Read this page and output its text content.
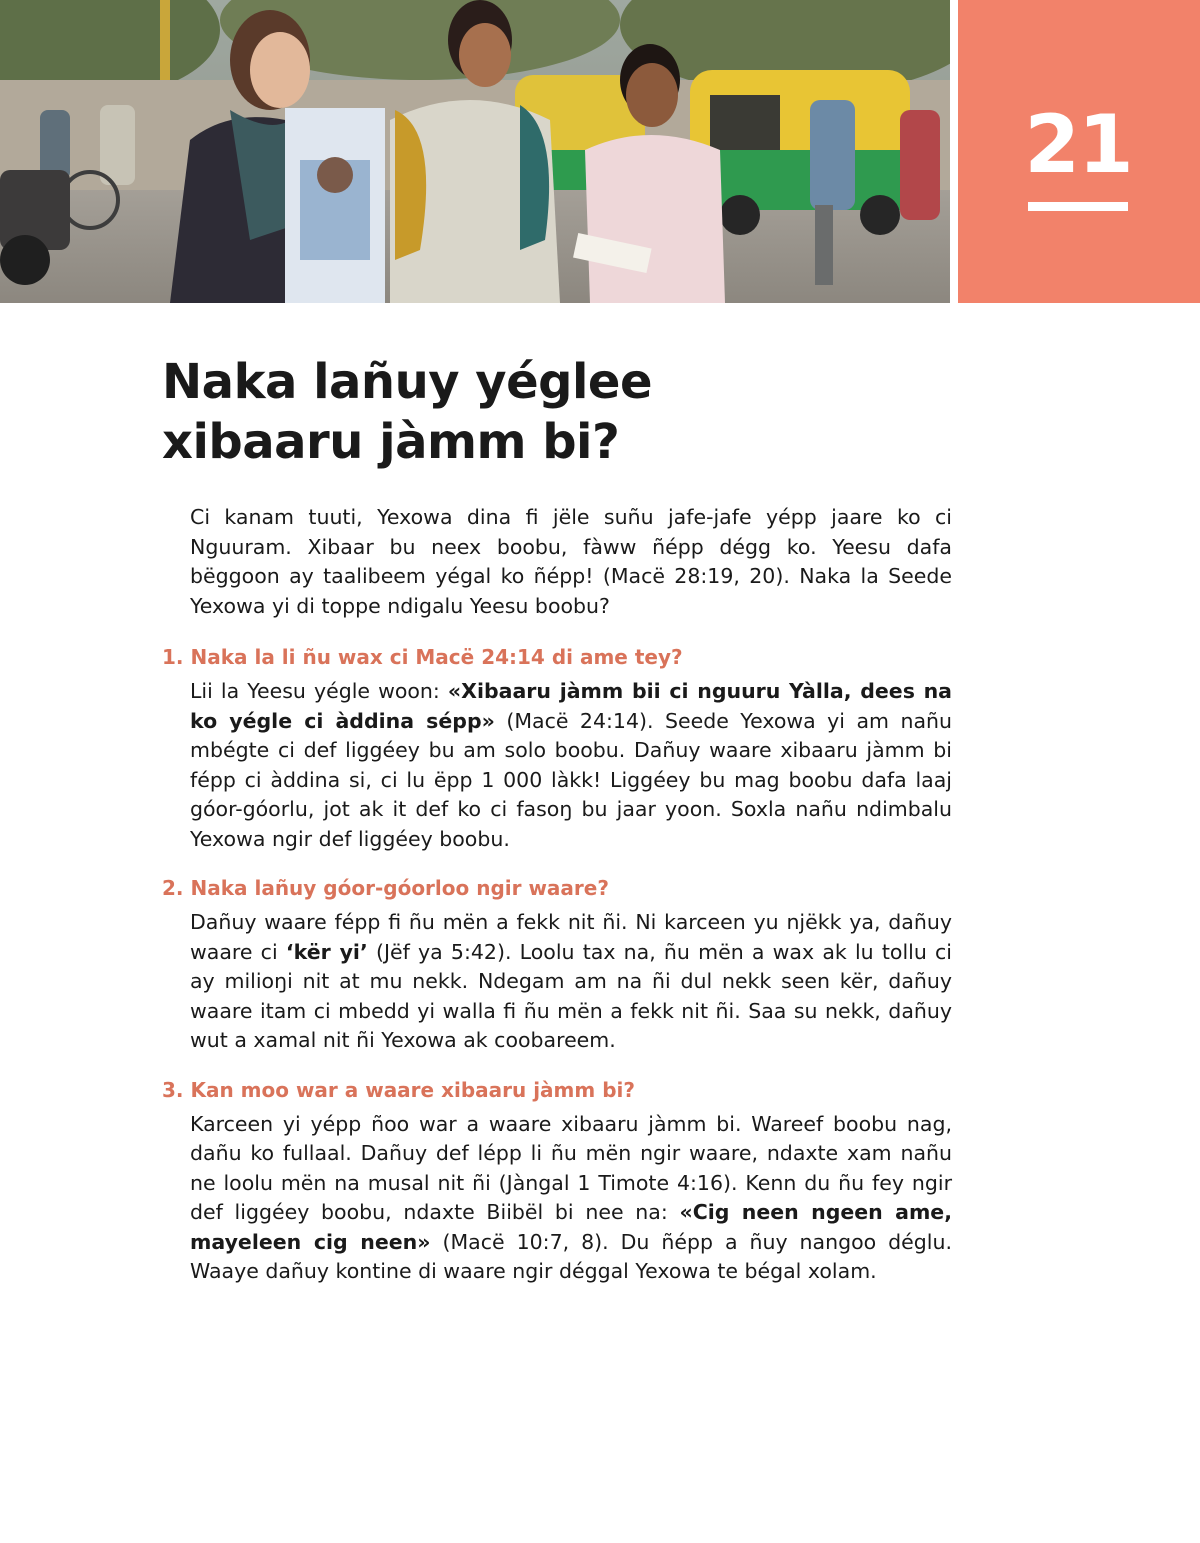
21
Naka lañuy yéglee
xibaaru jàmm bi?

Ci kanam tuuti, Yexowa dina fi jële suñu jafe-jafe yépp jaare ko ci Nguuram. Xibaar bu neex boobu, fàww ñépp dégg ko. Yeesu dafa bëggoon ay taalibeem yégal ko ñépp! (Macë 28:19, 20). Naka la Seede Yexowa yi di toppe ndigalu Yeesu boobu?

1. Naka la li ñu wax ci Macë 24:14 di ame tey?

Lii la Yeesu yégle woon: «Xibaaru jàmm bii ci nguuru Yàlla, dees na ko yégle ci àddina sépp» (Macë 24:14). Seede Yexowa yi am nañu mbégte ci def liggéey bu am solo boobu. Dañuy waare xibaaru jàmm bi fépp ci àddina si, ci lu ëpp 1 000 làkk! Liggéey bu mag boobu dafa laaj góor-góorlu, jot ak it def ko ci fasoŋ bu jaar yoon. Soxla nañu ndimbalu Yexowa ngir def liggéey boobu.

2. Naka lañuy góor-góorloo ngir waare?

Dañuy waare fépp fi ñu mën a fekk nit ñi. Ni karceen yu njëkk ya, dañuy waare ci ‘kër yi’ (Jëf ya 5:42). Loolu tax na, ñu mën a wax ak lu tollu ci ay milioŋi nit at mu nekk. Ndegam am na ñi dul nekk seen kër, dañuy waare itam ci mbedd yi walla fi ñu mën a fekk nit ñi. Saa su nekk, dañuy wut a xamal nit ñi Yexowa ak coobareem.

3. Kan moo war a waare xibaaru jàmm bi?

Karceen yi yépp ñoo war a waare xibaaru jàmm bi. Wareef boobu nag, dañu ko fullaal. Dañuy def lépp li ñu mën ngir waare, ndaxte xam nañu ne loolu mën na musal nit ñi (Jàngal 1 Timote 4:16). Kenn du ñu fey ngir def liggéey boobu, ndaxte Biibël bi nee na: «Cig neen ngeen ame, mayeleen cig neen» (Macë 10:7, 8). Du ñépp a ñuy nangoo déglu. Waaye dañuy kontine di waare ngir déggal Yexowa te bégal xolam.
